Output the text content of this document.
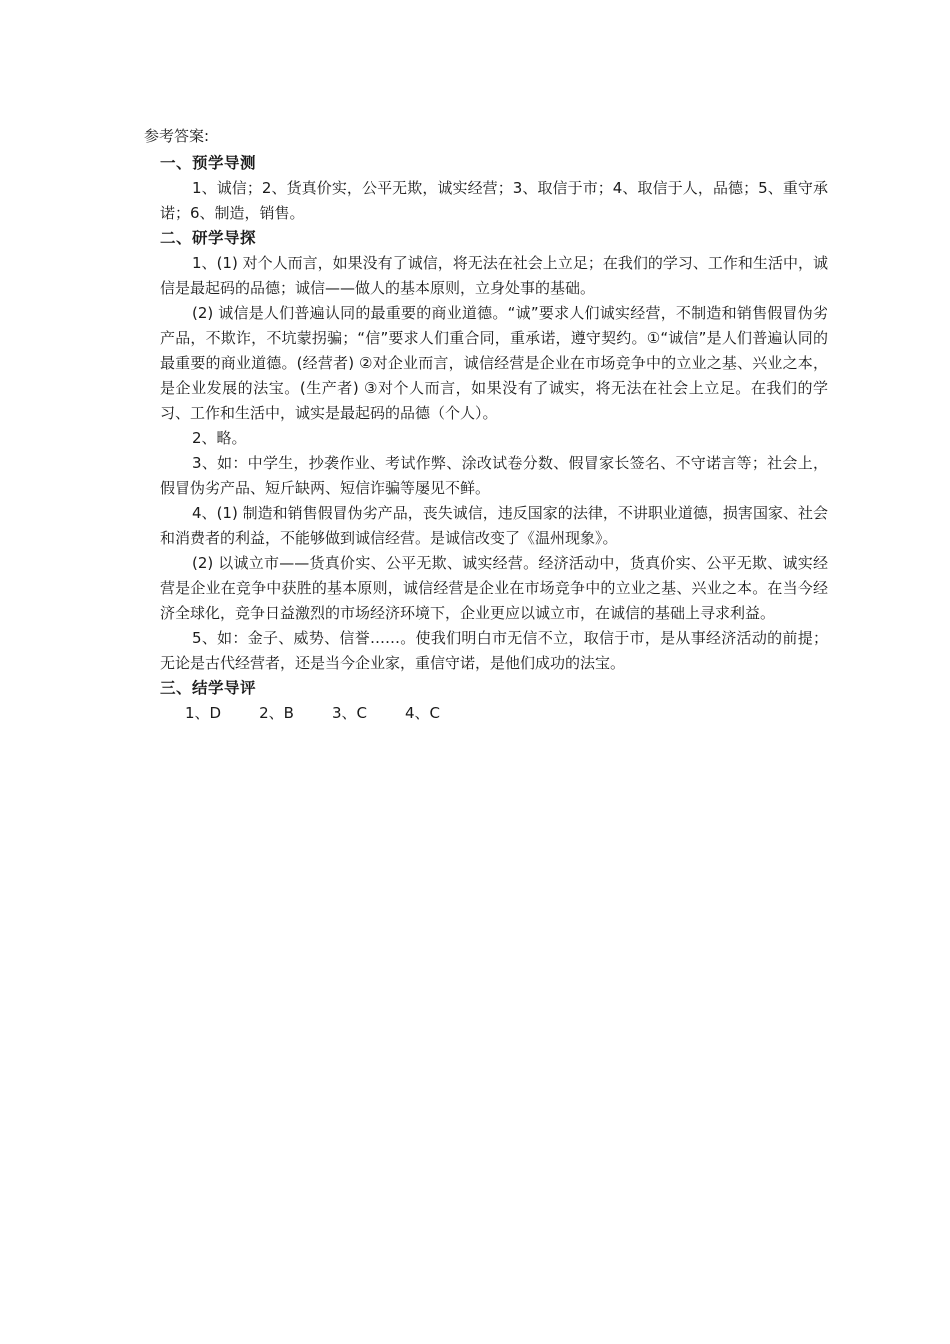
参考答案:
一、预学导测
1、诚信；2、货真价实，公平无欺，诚实经营；3、取信于市；4、取信于人，品德；5、重守承诺；6、制造，销售。
二、研学导探
1、(1) 对个人而言，如果没有了诚信，将无法在社会上立足；在我们的学习、工作和生活中，诚信是最起码的品德；诚信——做人的基本原则，立身处事的基础。
(2) 诚信是人们普遍认同的最重要的商业道德。“诚”要求人们诚实经营，不制造和销售假冒伪劣产品，不欺诈，不坑蒙拐骗；“信”要求人们重合同，重承诺，遵守契约。①“诚信”是人们普遍认同的最重要的商业道德。(经营者) ②对企业而言，诚信经营是企业在市场竞争中的立业之基、兴业之本，是企业发展的法宝。(生产者) ③对个人而言，如果没有了诚实，将无法在社会上立足。在我们的学习、工作和生活中，诚实是最起码的品德（个人）。
2、略。
3、如：中学生，抄袭作业、考试作弊、涂改试卷分数、假冒家长签名、不守诺言等；社会上，假冒伪劣产品、短斤缺两、短信诈骗等屡见不鲜。
4、(1) 制造和销售假冒伪劣产品，丧失诚信，违反国家的法律，不讲职业道德，损害国家、社会和消费者的利益，不能够做到诚信经营。是诚信改变了《温州现象》。
(2) 以诚立市——货真价实、公平无欺、诚实经营。经济活动中，货真价实、公平无欺、诚实经营是企业在竞争中获胜的基本原则，诚信经营是企业在市场竞争中的立业之基、兴业之本。在当今经济全球化，竞争日益激烈的市场经济环境下，企业更应以诚立市，在诚信的基础上寻求利益。
5、如：金子、威势、信誉……。使我们明白市无信不立，取信于市，是从事经济活动的前提；无论是古代经营者，还是当今企业家，重信守诺，是他们成功的法宝。
三、结学导评
1、D	2、B	3、C	4、C
